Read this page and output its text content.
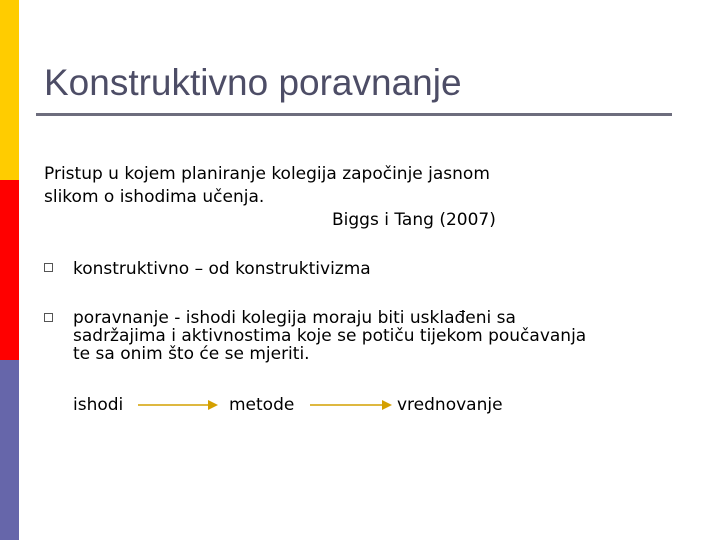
Konstruktivno poravnanje
Pristup u kojem planiranje kolegija započinje jasnom
slikom o ishodima učenja.
Biggs i Tang (2007)
konstruktivno – od konstruktivizma
poravnanje - ishodi kolegija moraju biti usklađeni sa
sadržajima i aktivnostima koje se potiču tijekom poučavanja
te sa onim što će se mjeriti.
ishodi	metode	vrednovanje
